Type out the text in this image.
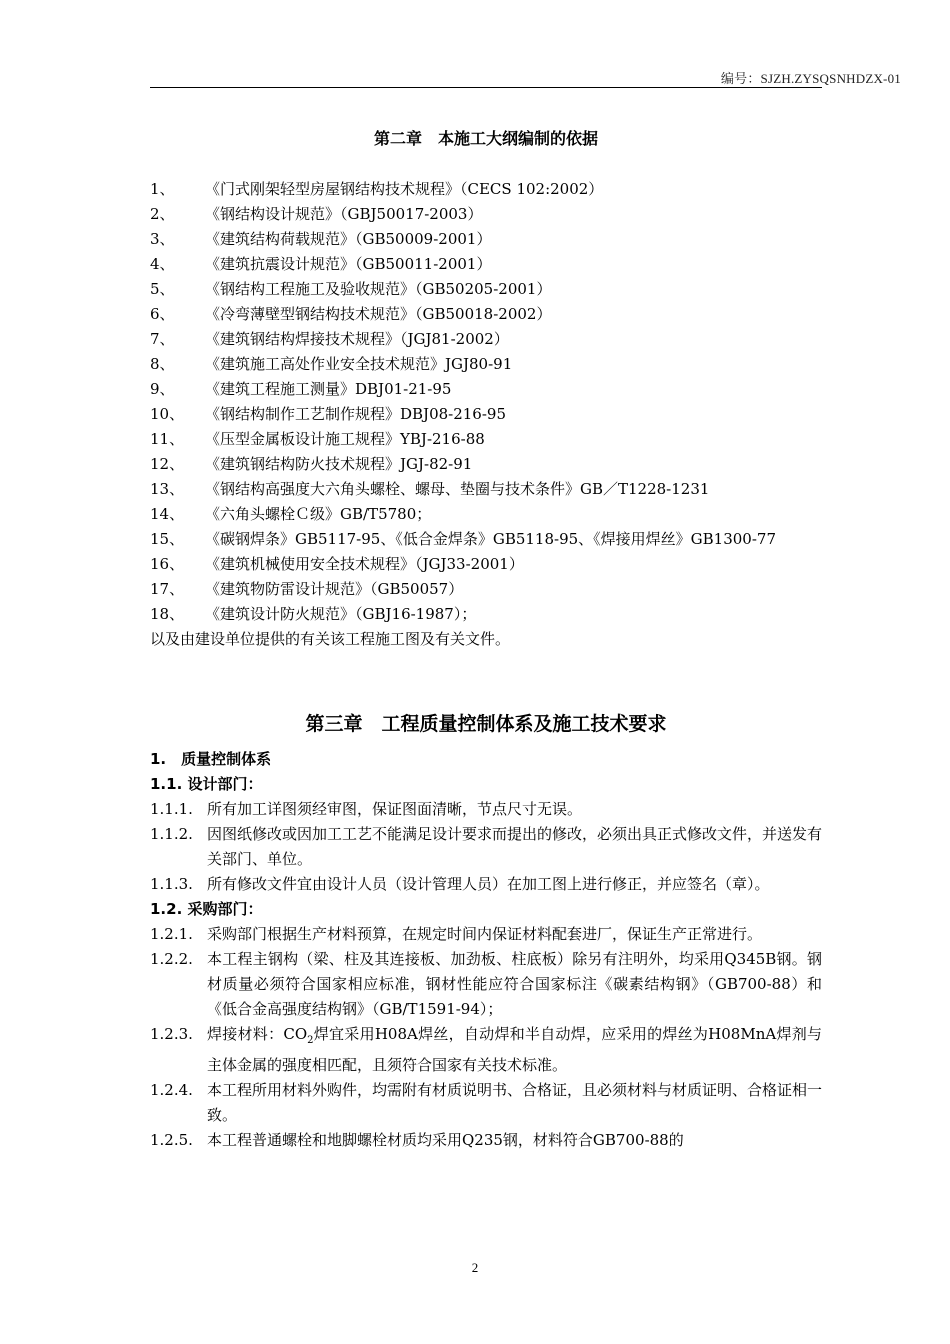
编号：SJZH.ZYSQSNHDZX-01
第二章　本施工大纲编制的依据
1、 《门式刚架轻型房屋钢结构技术规程》（CECS 102:2002）
2、 《钢结构设计规范》（GBJ50017-2003）
3、 《建筑结构荷载规范》（GB50009-2001）
4、 《建筑抗震设计规范》（GB50011-2001）
5、 《钢结构工程施工及验收规范》（GB50205-2001）
6、 《冷弯薄壁型钢结构技术规范》（GB50018-2002）
7、 《建筑钢结构焊接技术规程》（JGJ81-2002）
8、 《建筑施工高处作业安全技术规范》JGJ80-91
9、 《建筑工程施工测量》DBJ01-21-95
10、 《钢结构制作工艺制作规程》DBJ08-216-95
11、 《压型金属板设计施工规程》YBJ-216-88
12、 《建筑钢结构防火技术规程》JGJ-82-91
13、 《钢结构高强度大六角头螺栓、螺母、垫圈与技术条件》GB／T1228-1231
14、 《六角头螺栓Ｃ级》GB/T5780；
15、 《碳钢焊条》GB5117-95、《低合金焊条》GB5118-95、《焊接用焊丝》GB1300-77
16、 《建筑机械使用安全技术规程》（JGJ33-2001）
17、 《建筑物防雷设计规范》（GB50057）
18、 《建筑设计防火规范》（GBJ16-1987）；
以及由建设单位提供的有关该工程施工图及有关文件。
第三章　工程质量控制体系及施工技术要求
1.　质量控制体系
1.1. 设计部门：
1.1.1. 所有加工详图须经审图，保证图面清晰，节点尺寸无误。
1.1.2. 因图纸修改或因加工工艺不能满足设计要求而提出的修改，必须出具正式修改文件，并送发有关部门、单位。
1.1.3. 所有修改文件宜由设计人员（设计管理人员）在加工图上进行修正，并应签名（章）。
1.2. 采购部门：
1.2.1. 采购部门根据生产材料预算，在规定时间内保证材料配套进厂，保证生产正常进行。
1.2.2. 本工程主钢构（梁、柱及其连接板、加劲板、柱底板）除另有注明外，均采用Q345B钢。钢材质量必须符合国家相应标准，钢材性能应符合国家标注《碳素结构钢》（GB700-88）和《低合金高强度结构钢》（GB/T1591-94）；
1.2.3. 焊接材料：$CO_2$焊宜采用H08A焊丝，自动焊和半自动焊，应采用的焊丝为H08MnA焊剂与主体金属的强度相匹配，且须符合国家有关技术标准。
1.2.4. 本工程所用材料外购件，均需附有材质说明书、合格证，且必须材料与材质证明、合格证相一致。
1.2.5. 本工程普通螺栓和地脚螺栓材质均采用Q235钢，材料符合GB700-88的
2
